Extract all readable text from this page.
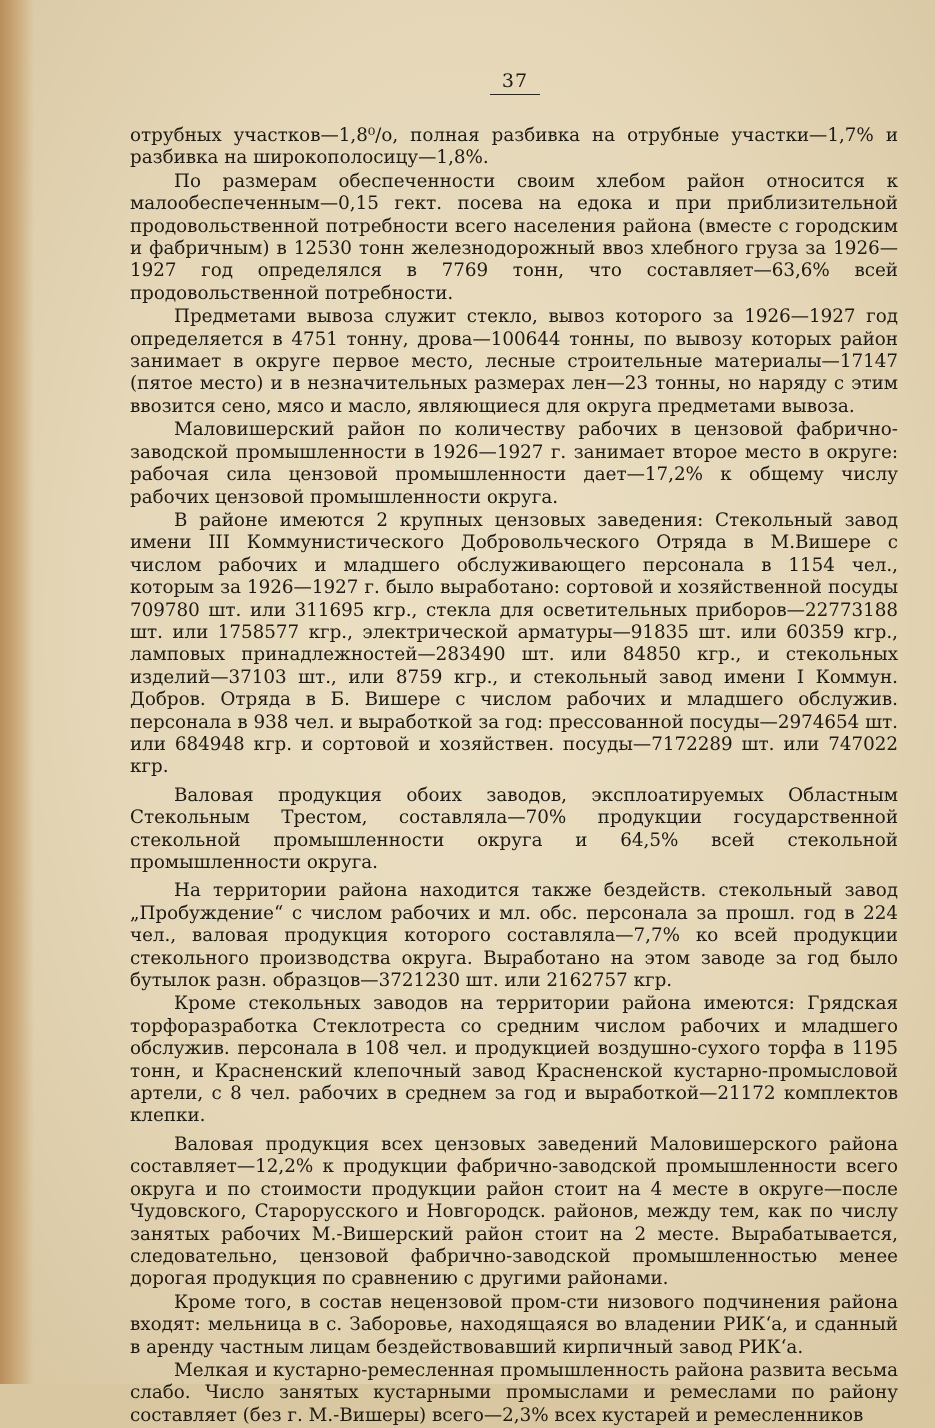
37

отрубных участков—1,8⁰/о, полная разбивка на отрубные участки—1,7% и разбивка на широкополосицу—1,8%.

По размерам обеспеченности своим хлебом район относится к малообеспеченным—0,15 гект. посева на едока и при приблизительной продовольственной потребности всего населения района (вместе с городским и фабричным) в 12530 тонн железнодорожный ввоз хлебного груза за 1926—1927 год определялся в 7769 тонн, что составляет—63,6% всей продовольственной потребности.

Предметами вывоза служит стекло, вывоз которого за 1926—1927 год определяется в 4751 тонну, дрова—100644 тонны, по вывозу которых район занимает в округе первое место, лесные строительные материалы—17147 (пятое место) и в незначительных размерах лен—23 тонны, но наряду с этим ввозится сено, мясо и масло, являющиеся для округа предметами вывоза.

Маловишерский район по количеству рабочих в цензовой фабрично-заводской промышленности в 1926—1927 г. занимает второе место в округе: рабочая сила цензовой промышленности дает—17,2% к общему числу рабочих цензовой промышленности округа.

В районе имеются 2 крупных цензовых заведения: Стекольный завод имени III Коммунистического Добровольческого Отряда в М.Вишере с числом рабочих и младшего обслуживающего персонала в 1154 чел., которым за 1926—1927 г. было выработано: сортовой и хозяйственной посуды 709780 шт. или 311695 кгр., стекла для осветительных приборов—22773188 шт. или 1758577 кгр., электрической арматуры—91835 шт. или 60359 кгр., ламповых принадлежностей—283490 шт. или 84850 кгр., и стекольных изделий—37103 шт., или 8759 кгр., и стекольный завод имени I Коммун. Добров. Отряда в Б. Вишере с числом рабочих и младшего обслужив. персонала в 938 чел. и выработкой за год: прессованной посуды—2974654 шт. или 684948 кгр. и сортовой и хозяйствен. посуды—7172289 шт. или 747022 кгр.

Валовая продукция обоих заводов, эксплоатируемых Областным Стекольным Трестом, составляла—70% продукции государственной стекольной промышленности округа и 64,5% всей стекольной промышленности округа.

На территории района находится также бездейств. стекольный завод „Пробуждение“ с числом рабочих и мл. обс. персонала за прошл. год в 224 чел., валовая продукция которого составляла—7,7% ко всей продукции стекольного производства округа. Выработано на этом заводе за год было бутылок разн. образцов—3721230 шт. или 2162757 кгр.

Кроме стекольных заводов на территории района имеются: Грядская торфоразработка Стеклотреста со средним числом рабочих и младшего обслужив. персонала в 108 чел. и продукцией воздушно-сухого торфа в 1195 тонн, и Красненский клепочный завод Красненской кустарно-промысловой артели, с 8 чел. рабочих в среднем за год и выработкой—21172 комплектов клепки.

Валовая продукция всех цензовых заведений Маловишерского района составляет—12,2% к продукции фабрично-заводской промышленности всего округа и по стоимости продукции район стоит на 4 месте в округе—после Чудовского, Старорусского и Новгородск. районов, между тем, как по числу занятых рабочих М.-Вишерский район стоит на 2 месте. Вырабатывается, следовательно, цензовой фабрично-заводской промышленностью менее дорогая продукция по сравнению с другими районами.

Кроме того, в состав нецензовой пром-сти низового подчинения района входят: мельница в с. Заборовье, находящаяся во владении РИК‘а, и сданный в аренду частным лицам бездействовавший кирпичный завод РИК‘а.

Мелкая и кустарно-ремесленная промышленность района развита весьма слабо. Число занятых кустарными промыслами и ремеслами по району составляет (без г. М.-Вишеры) всего—2,3% всех кустарей и ремесленников
